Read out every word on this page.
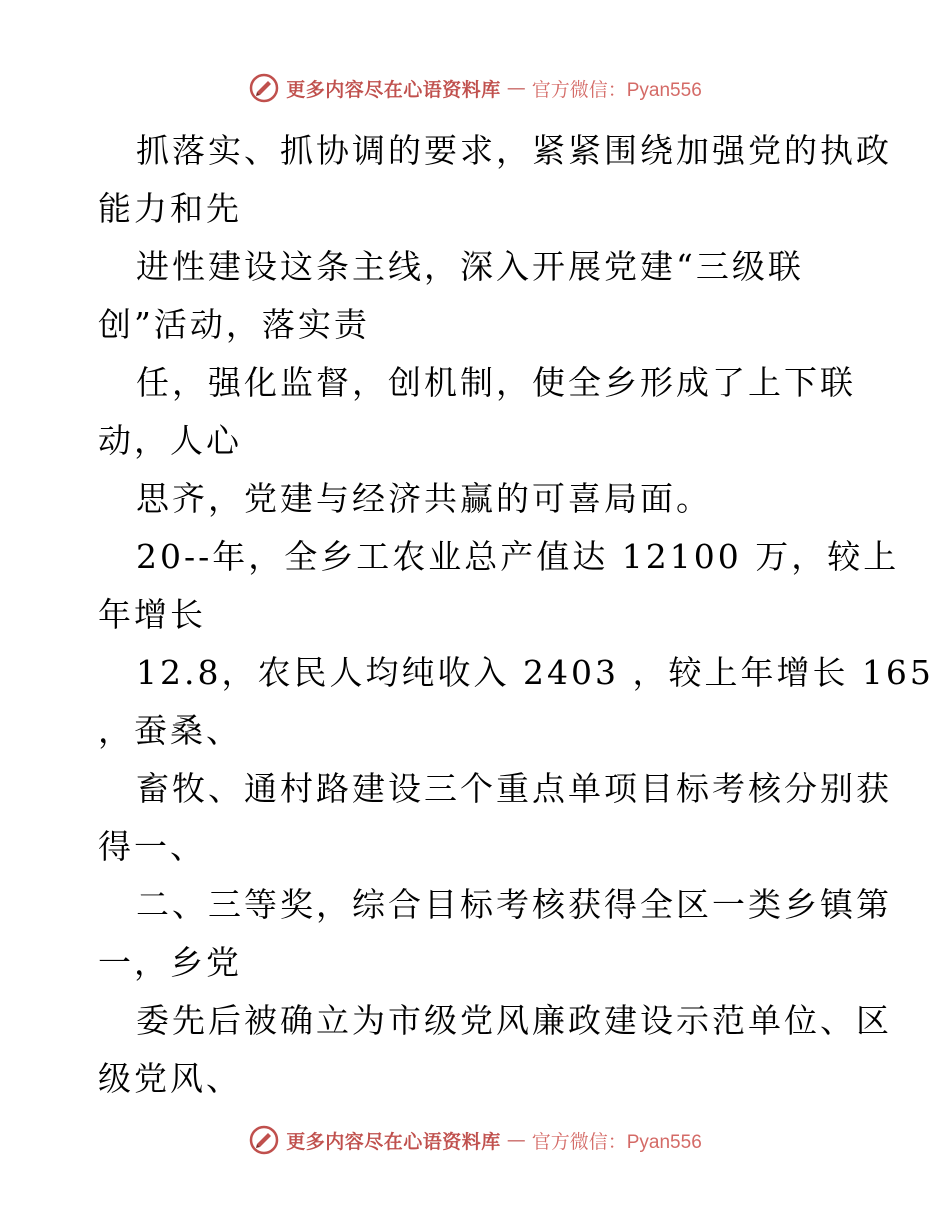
更多内容尽在心语资料库 — 官方微信：Pyan556
抓落实、抓协调的要求，紧紧围绕加强党的执政
能力和先
进性建设这条主线，深入开展党建“三级联
创”活动，落实责
任，强化监督，创机制，使全乡形成了上下联
动，人心
思齐，党建与经济共赢的可喜局面。
20--年，全乡工农业总产值达 12100 万，较上
年增长
12.8，农民人均纯收入 2403 ，较上年增长 165
，蚕桑、
畜牧、通村路建设三个重点单项目标考核分别获
得一、
二、三等奖，综合目标考核获得全区一类乡镇第
一，乡党
委先后被确立为市级党风廉政建设示范单位、区
级党风、
更多内容尽在心语资料库 — 官方微信：Pyan556
